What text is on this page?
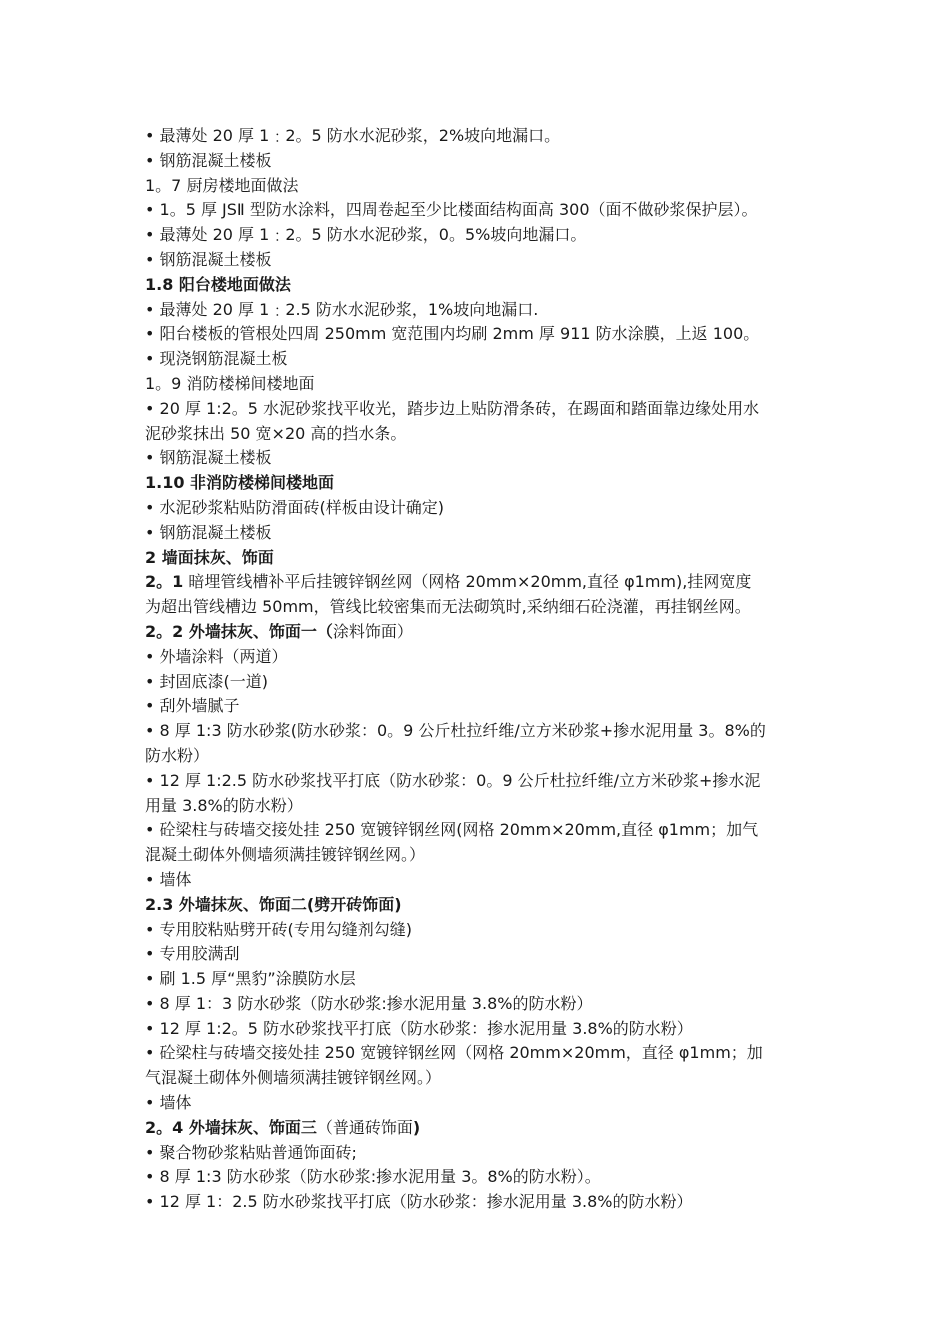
• 最薄处 20 厚 1﹕2。5 防水水泥砂浆，2%坡向地漏口。
• 钢筋混凝土楼板
1。7 厨房楼地面做法
• 1。5 厚 JSⅡ 型防水涂料，四周卷起至少比楼面结构面高 300（面不做砂浆保护层）。
• 最薄处 20 厚 1﹕2。5 防水水泥砂浆，0。5%坡向地漏口。
• 钢筋混凝土楼板
1.8 阳台楼地面做法
• 最薄处 20 厚 1﹕2.5 防水水泥砂浆，1%坡向地漏口.
• 阳台楼板的管根处四周 250mm 宽范围内均刷 2mm 厚 911 防水涂膜，上返 100。
• 现浇钢筋混凝土板
1。9 消防楼梯间楼地面
• 20 厚 1:2。5 水泥砂浆找平收光，踏步边上贴防滑条砖，在踢面和踏面靠边缘处用水
泥砂浆抹出 50 宽×20 高的挡水条。
• 钢筋混凝土楼板
1.10 非消防楼梯间楼地面
• 水泥砂浆粘贴防滑面砖(样板由设计确定)
• 钢筋混凝土楼板
2 墙面抹灰、饰面
2。1 暗埋管线槽补平后挂镀锌钢丝网（网格 20mm×20mm,直径 φ1mm),挂网宽度
为超出管线槽边 50mm，管线比较密集而无法砌筑时,采纳细石砼浇灌，再挂钢丝网。
2。2 外墙抹灰、饰面一（涂料饰面）
• 外墙涂料（两道）
• 封固底漆(一道)
• 刮外墙腻子
• 8 厚 1:3 防水砂浆(防水砂浆：0。9 公斤杜拉纤维/立方米砂浆+掺水泥用量 3。8%的
防水粉）
• 12 厚 1:2.5 防水砂浆找平打底（防水砂浆：0。9 公斤杜拉纤维/立方米砂浆+掺水泥
用量 3.8%的防水粉）
• 砼梁柱与砖墙交接处挂 250 宽镀锌钢丝网(网格 20mm×20mm,直径 φ1mm；加气
混凝土砌体外侧墙须满挂镀锌钢丝网。）
• 墙体
2.3 外墙抹灰、饰面二(劈开砖饰面)
• 专用胶粘贴劈开砖(专用勾缝剂勾缝)
• 专用胶满刮
• 刷 1.5 厚“黑豹”涂膜防水层
• 8 厚 1：3 防水砂浆（防水砂浆:掺水泥用量 3.8%的防水粉）
• 12 厚 1:2。5 防水砂浆找平打底（防水砂浆：掺水泥用量 3.8%的防水粉）
• 砼梁柱与砖墙交接处挂 250 宽镀锌钢丝网（网格 20mm×20mm，直径 φ1mm；加
气混凝土砌体外侧墙须满挂镀锌钢丝网。）
• 墙体
2。4 外墙抹灰、饰面三（普通砖饰面)
• 聚合物砂浆粘贴普通饰面砖;
• 8 厚 1:3 防水砂浆（防水砂浆:掺水泥用量 3。8%的防水粉）。
• 12 厚 1：2.5 防水砂浆找平打底（防水砂浆：掺水泥用量 3.8%的防水粉）
